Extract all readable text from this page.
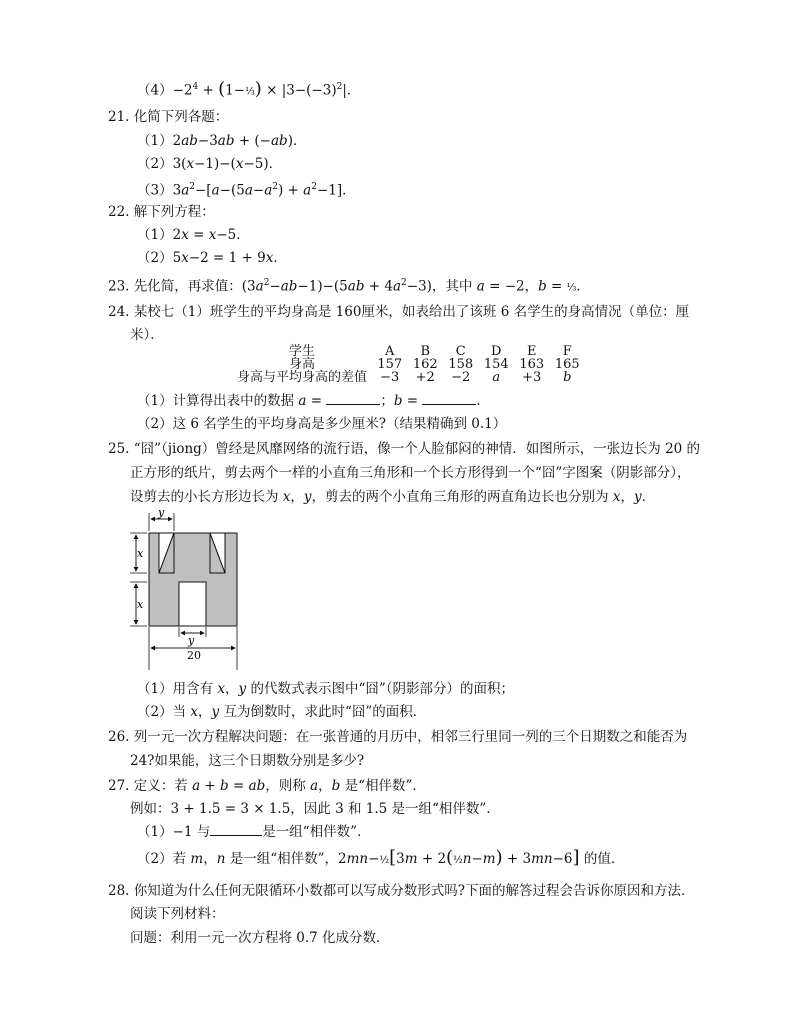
$(4)-2^4$ + (1−⅓) × $|3-(-3)^2|$．
21. 化简下列各题：
（1）2ab−3ab + (−ab)．
（2）3(x−1)−(x−5)．
$(3)3a^2-[a-(5a-a^2) + a^2-1]$．
22. 解下列方程：
（1）2x = x−5．
（2）5x−2 = 1 + 9x．
23. 先化简，再求值：$(3a^2-ab-1)-(5ab + 4a^2-3)$，其中 a = −2，b = ⅓．
24. 某校七（1）班学生的平均身高是 160厘米，如表给出了该班 6 名学生的身高情况（单位：厘
米）．
学生	A	B	C	D	E	F
身高	157 162 158 154 163 165
身高与平均身高的差值	−3	+2	−2	a	+3	b
（1）计算得出表中的数据 a =	；b =	．
（2）这 6 名学生的平均身高是多少厘米?（结果精确到 0.1）
25. “囧”（jiong）曾经是风靡网络的流行语，像一个人脸郁闷的神情．如图所示，一张边长为 20 的
正方形的纸片，剪去两个一样的小直角三角形和一个长方形得到一个“囧”字图案（阴影部分），
设剪去的小长方形边长为 x，y，剪去的两个小直角三角形的两直角边长也分别为 x，y．
y
x
x
y
20
（1）用含有 x，y 的代数式表示图中“囧”（阴影部分）的面积；
（2）当 x，y 互为倒数时，求此时“囧”的面积．
26. 列一元一次方程解决问题：在一张普通的月历中，相邻三行里同一列的三个日期数之和能否为
24?如果能，这三个日期数分别是多少?
27. 定义：若 a + b = ab，则称 a，b 是“相伴数”．
例如：3 + 1.5 = 3 × 1.5，因此 3 和 1.5 是一组“相伴数”．
（1）−1 与	是一组“相伴数”．
（2）若 m，n 是一组“相伴数”，2mn−½[3m + 2(½n−m) + 3mn−6] 的值．
28. 你知道为什么任何无限循环小数都可以写成分数形式吗?下面的解答过程会告诉你原因和方法．
阅读下列材料：
问题：利用一元一次方程将 0.7̇ 化成分数．
